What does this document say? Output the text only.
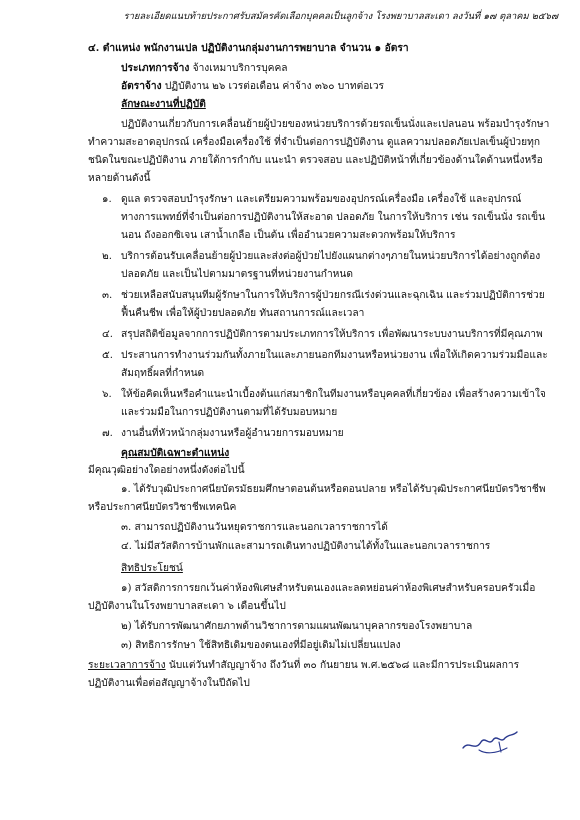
รายละเอียดแนบท้ายประกาศรับสมัครคัดเลือกบุคคลเป็นลูกจ้าง โรงพยาบาลสะเดา ลงวันที่ ๑๗ ตุลาคม ๒๕๖๗
๔. ตำแหน่ง พนักงานเปล ปฏิบัติงานกลุ่มงานการพยาบาล จำนวน ๑ อัตรา
ประเภทการจ้าง จ้างเหมาบริการบุคคล
อัตราจ้าง ปฏิบัติงาน ๒๖ เวรต่อเดือน ค่าจ้าง ๓๖๐ บาทต่อเวร
ลักษณะงานที่ปฏิบัติ
ปฏิบัติงานเกี่ยวกับการเคลื่อนย้ายผู้ป่วยของหน่วยบริการด้วยรถเข็นนั่งและเปลนอน พร้อมบำรุงรักษา
ทำความสะอาดอุปกรณ์ เครื่องมือเครื่องใช้ ที่จำเป็นต่อการปฏิบัติงาน ดูแลความปลอดภัยเปลเข็นผู้ป่วยทุก
ชนิดในขณะปฏิบัติงาน ภายใต้การกำกับ แนะนำ ตรวจสอบ และปฏิบัติหน้าที่เกี่ยวข้องด้านใดด้านหนึ่งหรือ
หลายด้านดังนี้
๑. ดูแล ตรวจสอบบำรุงรักษา และเตรียมความพร้อมของอุปกรณ์เครื่องมือ เครื่องใช้ และอุปกรณ์
ทางการแพทย์ที่จำเป็นต่อการปฏิบัติงานให้สะอาด ปลอดภัย ในการให้บริการ เช่น รถเข็นนั่ง รถเข็น
นอน ถังออกซิเจน เสาน้ำเกลือ เป็นต้น เพื่ออำนวยความสะดวกพร้อมให้บริการ
๒. บริการต้อนรับเคลื่อนย้ายผู้ป่วยและส่งต่อผู้ป่วยไปยังแผนกต่างๆภายในหน่วยบริการได้อย่างถูกต้อง
ปลอดภัย และเป็นไปตามมาตรฐานที่หน่วยงานกำหนด
๓. ช่วยเหลือสนับสนุนทีมผู้รักษาในการให้บริการผู้ป่วยกรณีเร่งด่วนและฉุกเฉิน และร่วมปฏิบัติการช่วย
ฟื้นคืนชีพ เพื่อให้ผู้ป่วยปลอดภัย ทันสถานการณ์และเวลา
๔. สรุปสถิติข้อมูลจากการปฏิบัติการตามประเภทการให้บริการ เพื่อพัฒนาระบบงานบริการที่มีคุณภาพ
๕. ประสานการทำงานร่วมกันทั้งภายในและภายนอกทีมงานหรือหน่วยงาน เพื่อให้เกิดความร่วมมือและ
สัมฤทธิ์ผลที่กำหนด
๖. ให้ข้อคิดเห็นหรือคำแนะนำเบื้องต้นแก่สมาชิกในทีมงานหรือบุคคลที่เกี่ยวข้อง เพื่อสร้างความเข้าใจ
และร่วมมือในการปฏิบัติงานตามที่ได้รับมอบหมาย
๗. งานอื่นที่หัวหน้ากลุ่มงานหรือผู้อำนวยการมอบหมาย
คุณสมบัติเฉพาะตำแหน่ง
มีคุณวุฒิอย่างใดอย่างหนึ่งดังต่อไปนี้
๑. ได้รับวุฒิประกาศนียบัตรมัธยมศึกษาตอนต้นหรือตอนปลาย หรือได้รับวุฒิประกาศนียบัตรวิชาชีพ
หรือประกาศนียบัตรวิชาชีพเทคนิค
๓. สามารถปฏิบัติงานวันหยุดราชการและนอกเวลาราชการได้
๔. ไม่มีสวัสดิการบ้านพักและสามารถเดินทางปฏิบัติงานได้ทั้งในและนอกเวลาราชการ
สิทธิประโยชน์
๑) สวัสดิการการยกเว้นค่าห้องพิเศษสำหรับตนเองและลดหย่อนค่าห้องพิเศษสำหรับครอบครัวเมื่อ
ปฏิบัติงานในโรงพยาบาลสะเดา ๖ เดือนขึ้นไป
๒) ได้รับการพัฒนาศักยภาพด้านวิชาการตามแผนพัฒนาบุคลากรของโรงพยาบาล
๓) สิทธิการรักษา ใช้สิทธิเดิมของตนเองที่มีอยู่เดิมไม่เปลี่ยนแปลง
ระยะเวลาการจ้าง นับแต่วันทำสัญญาจ้าง ถึงวันที่ ๓๐ กันยายน พ.ศ.๒๕๖๘ และมีการประเมินผลการ
ปฏิบัติงานเพื่อต่อสัญญาจ้างในปีถัดไป
